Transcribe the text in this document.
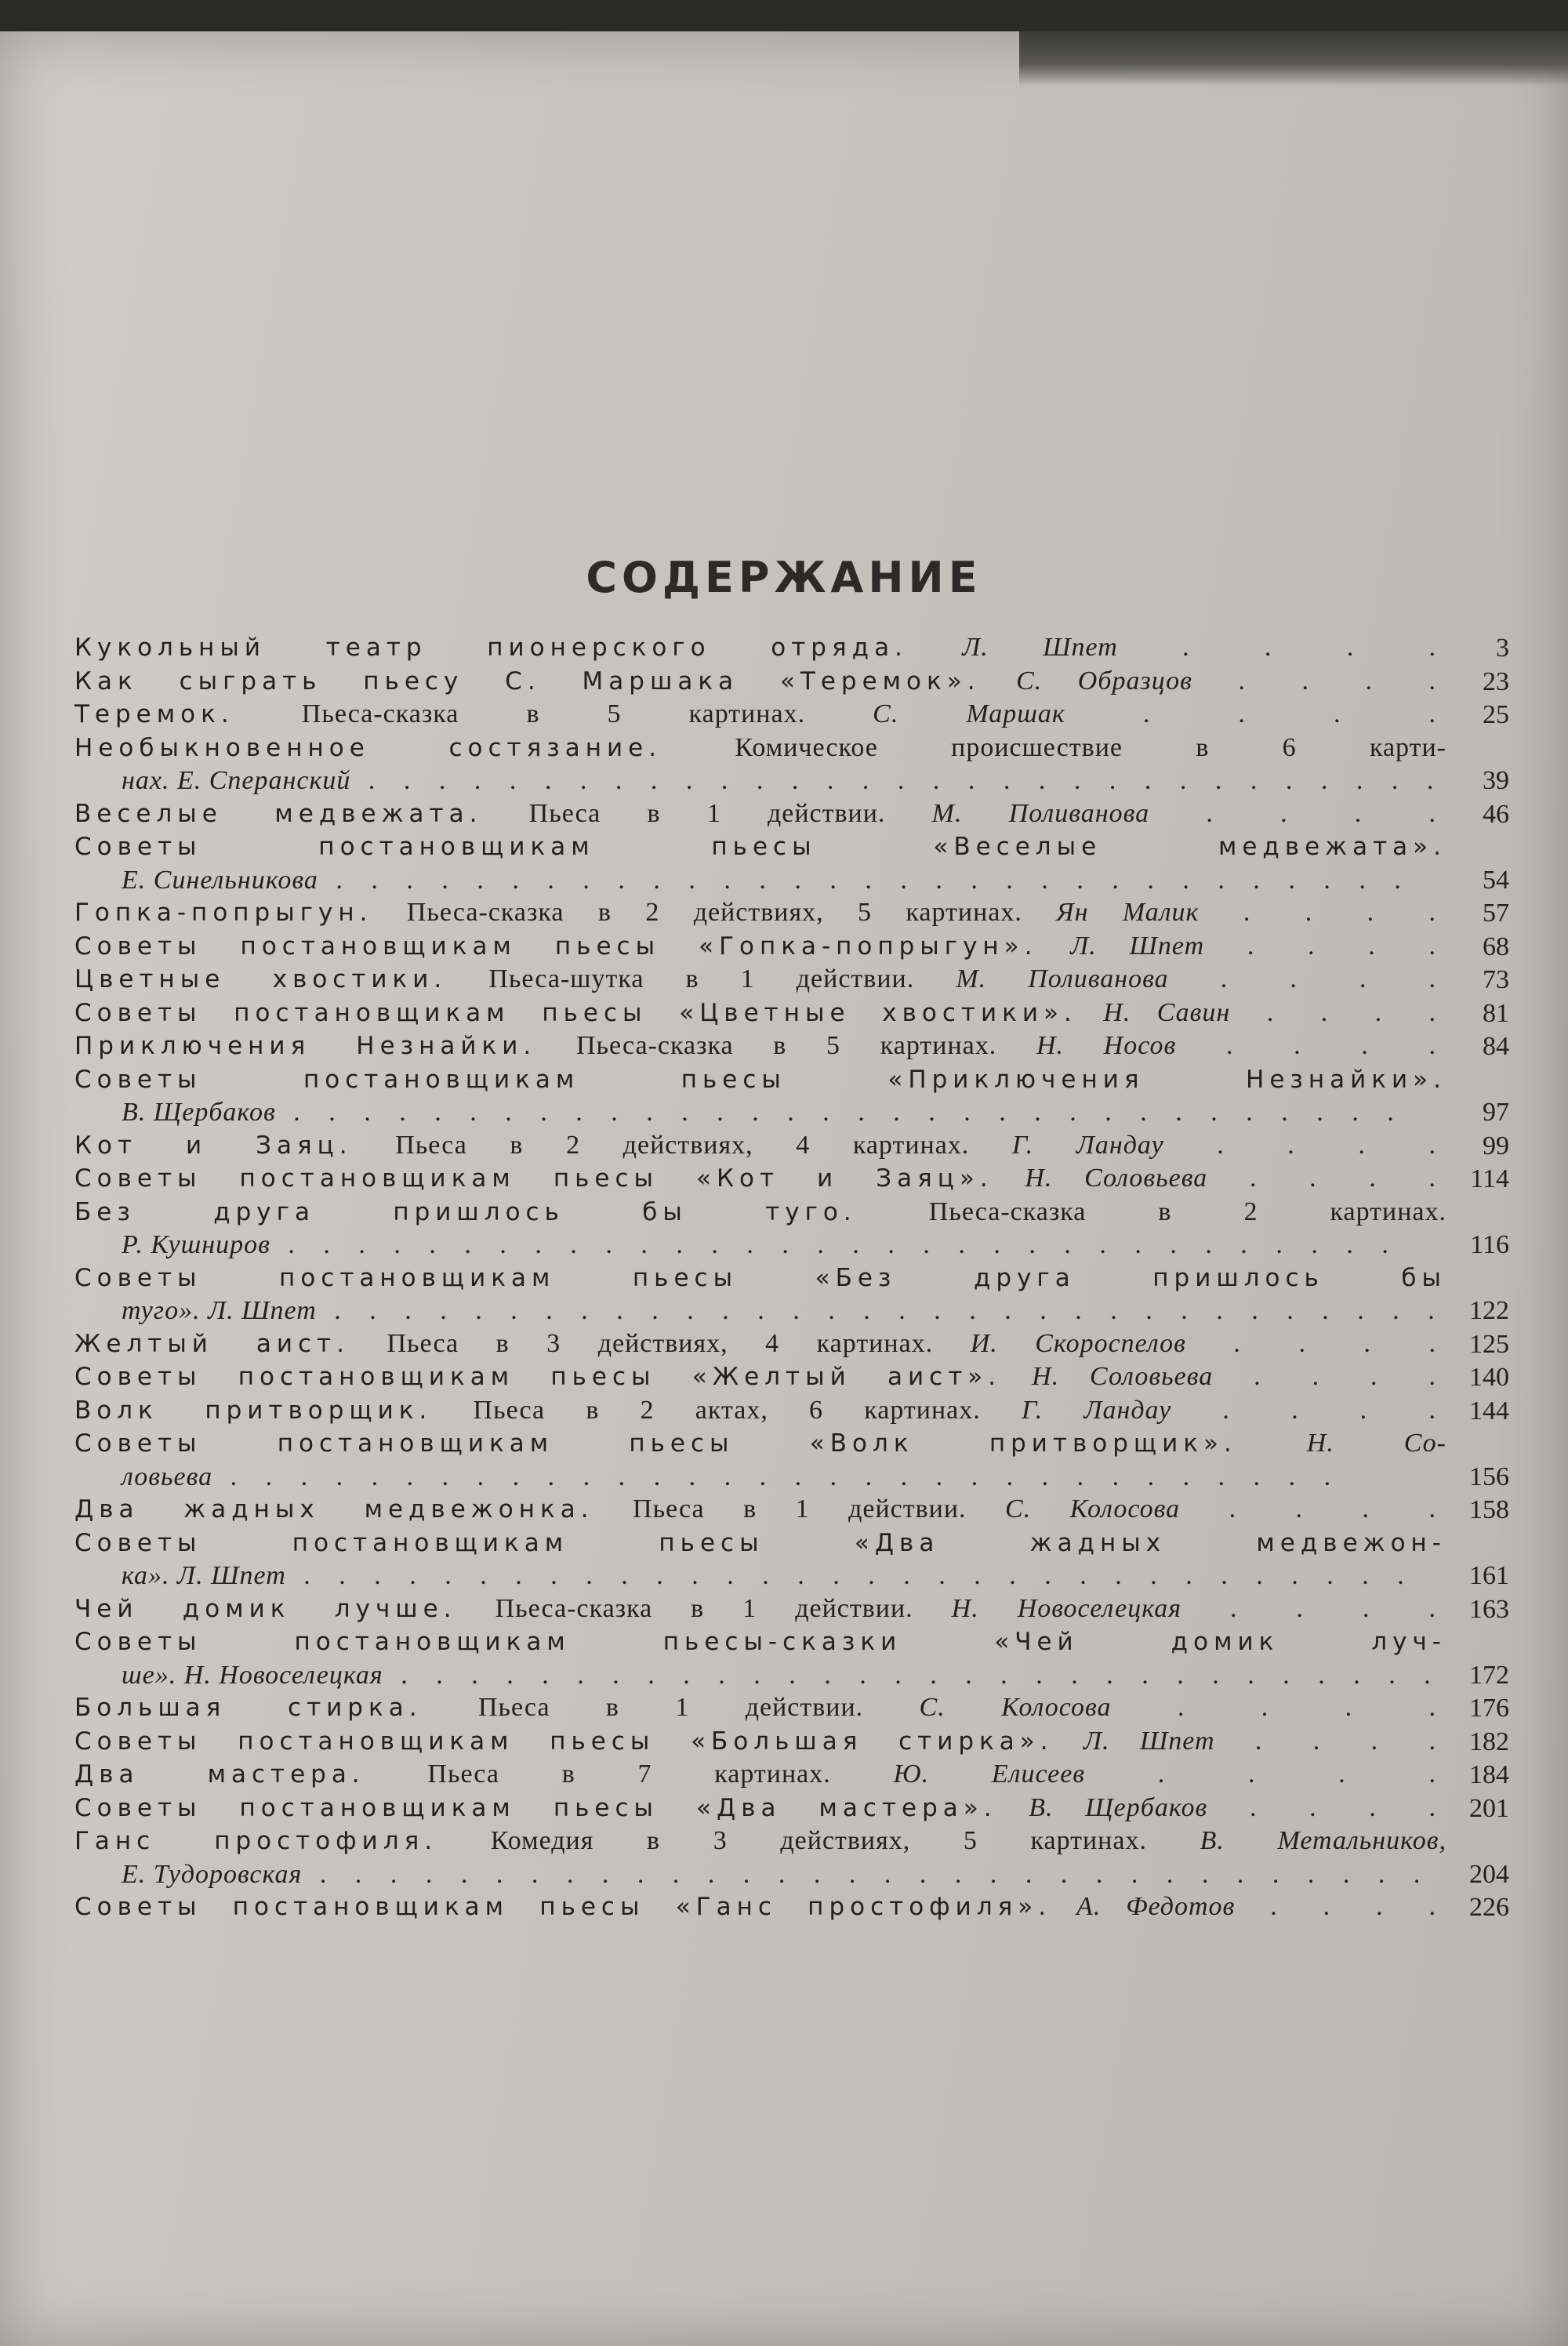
СОДЕРЖАНИЕ
Кукольный театр пионерского отряда. Л. Шпет . . . .	3
Как сыграть пьесу С. Маршака «Теремок». С. Образцов . . . .	23
Теремок.	Пьеса-сказка в 5 картинах.	С. Маршак . . . .	25
Необыкновенное состязание.	Комическое происшествие в 6 карти-
нах. Е. Сперанский . . . . . . . . . . . . . . . . . . . . . . . . . . . . . . .	39
Веселые медвежата. Пьеса в 1 действии. М. Поливанова . . . .	46
Советы постановщикам пьесы «Веселые медвежата».
Е. Синельникова . . . . . . . . . . . . . . . . . . . . . . . . . . . . . . .	54
Гопка-попрыгун. Пьеса-сказка в 2 действиях, 5 картинах. Ян Малик . . . .	57
Советы постановщикам пьесы «Гопка-попрыгун». Л. Шпет . . . .	68
Цветные хвостики. Пьеса-шутка в 1 действии. М. Поливанова . . . .	73
Советы постановщикам пьесы «Цветные хвостики». Н. Савин . . . .	81
Приключения Незнайки. Пьеса-сказка в 5 картинах. Н. Носов . . . .	84
Советы постановщикам пьесы «Приключения Незнайки».
В. Щербаков . . . . . . . . . . . . . . . . . . . . . . . . . . . . . . . .	97
Кот и Заяц. Пьеса в 2 действиях, 4 картинах. Г. Ландау . . . .	99
Советы постановщикам пьесы «Кот и Заяц». Н. Соловьева . . . . 114
Без друга пришлось бы туго.	Пьеса-сказка в 2 картинах.
Р. Кушниров . . . . . . . . . . . . . . . . . . . . . . . . . . . . . . . .	116
Советы постановщикам пьесы «Без друга пришлось бы
туго». Л. Шпет . . . . . . . . . . . . . . . . . . . . . . . . . . . . . . . . 122
Желтый аист. Пьеса в 3 действиях, 4 картинах. И. Скороспелов . . . . 125
Советы постановщикам пьесы «Желтый аист». Н. Соловьева . . . . 140
Волк притворщик. Пьеса в 2 актах, 6 картинах. Г. Ландау . . . . 144
Советы постановщикам пьесы «Волк притворщик».	Н. Со-
ловьева . . . . . . . . . . . . . . . . . . . . . . . . . . . . . . . .	156
Два жадных медвежонка. Пьеса в 1 действии. С. Колосова . . . . 158
Советы постановщикам пьесы «Два жадных медвежон-
ка». Л. Шпет . . . . . . . . . . . . . . . . . . . . . . . . . . . . . . . .	161
Чей домик лучше. Пьеса-сказка в 1 действии. Н. Новоселецкая . . . . 163
Советы постановщикам пьесы-сказки «Чей домик луч-
ше». Н. Новоселецкая . . . . . . . . . . . . . . . . . . . . . . . . . . . . . .	172
Большая стирка. Пьеса в 1 действии. С. Колосова . . . . 176
Советы постановщикам пьесы «Большая стирка». Л. Шпет . . . . 182
Два мастера. Пьеса в 7 картинах. Ю. Елисеев . . . . 184
Советы постановщикам пьесы «Два мастера». В. Щербаков . . . . 201
Ганс простофиля. Комедия в 3 действиях, 5 картинах. В. Метальников,
Е. Тудоровская . . . . . . . . . . . . . . . . . . . . . . . . . . . . . . . .	204
Советы постановщикам пьесы «Ганс простофиля». А. Федотов . . . . 226
